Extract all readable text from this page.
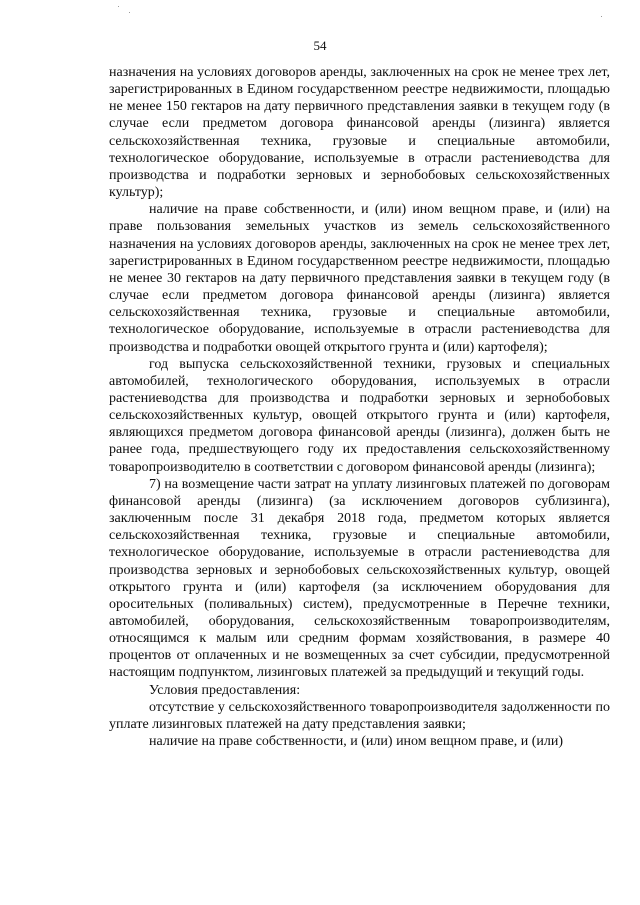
54

назначения на условиях договоров аренды, заключенных на срок не менее трех лет, зарегистрированных в Едином государственном реестре недвижимости, площадью не менее 150 гектаров на дату первичного представления заявки в текущем году (в случае если предметом договора финансовой аренды (лизинга) является сельскохозяйственная техника, грузовые и специальные автомобили, технологическое оборудование, используемые в отрасли растениеводства для производства и подработки зерновых и зернобобовых сельскохозяйственных культур);

наличие на праве собственности, и (или) ином вещном праве, и (или) на праве пользования земельных участков из земель сельскохозяйственного назначения на условиях договоров аренды, заключенных на срок не менее трех лет, зарегистрированных в Едином государственном реестре недвижимости, площадью не менее 30 гектаров на дату первичного представления заявки в текущем году (в случае если предметом договора финансовой аренды (лизинга) является сельскохозяйственная техника, грузовые и специальные автомобили, технологическое оборудование, используемые в отрасли растениеводства для производства и подработки овощей открытого грунта и (или) картофеля);

год выпуска сельскохозяйственной техники, грузовых и специальных автомобилей, технологического оборудования, используемых в отрасли растениеводства для производства и подработки зерновых и зернобобовых сельскохозяйственных культур, овощей открытого грунта и (или) картофеля, являющихся предметом договора финансовой аренды (лизинга), должен быть не ранее года, предшествующего году их предоставления сельскохозяйственному товаропроизводителю в соответствии с договором финансовой аренды (лизинга);

7) на возмещение части затрат на уплату лизинговых платежей по договорам финансовой аренды (лизинга) (за исключением договоров сублизинга), заключенным после 31 декабря 2018 года, предметом которых является сельскохозяйственная техника, грузовые и специальные автомобили, технологическое оборудование, используемые в отрасли растениеводства для производства зерновых и зернобобовых сельскохозяйственных культур, овощей открытого грунта и (или) картофеля (за исключением оборудования для оросительных (поливальных) систем), предусмотренные в Перечне техники, автомобилей, оборудования, сельскохозяйственным товаропроизводителям, относящимся к малым или средним формам хозяйствования, в размере 40 процентов от оплаченных и не возмещенных за счет субсидии, предусмотренной настоящим подпунктом, лизинговых платежей за предыдущий и текущий годы.

Условия предоставления:

отсутствие у сельскохозяйственного товаропроизводителя задолженности по уплате лизинговых платежей на дату представления заявки;

наличие на праве собственности, и (или) ином вещном праве, и (или)
